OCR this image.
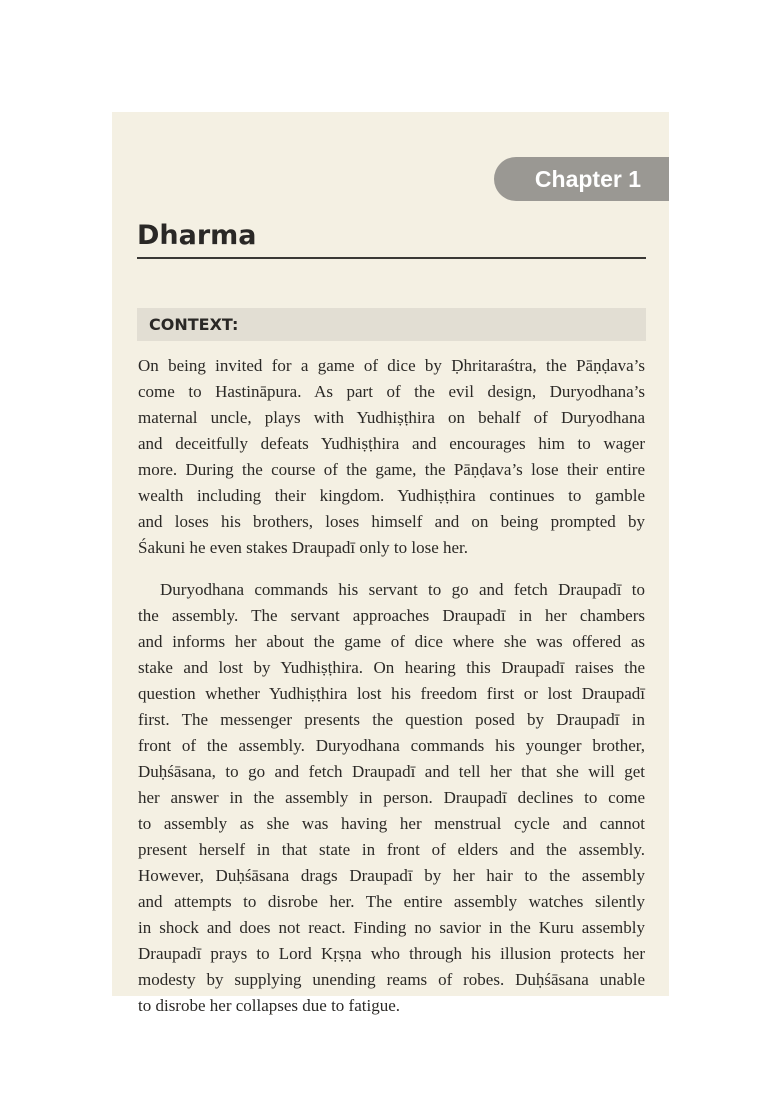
Chapter 1
Dharma
CONTEXT:
On being invited for a game of dice by Ḍhritaraśtra, the Pāṇḍava’s
come to Hastināpura. As part of the evil design, Duryodhana’s
maternal uncle, plays with Yudhiṣṭhira on behalf of Duryodhana
and deceitfully defeats Yudhiṣṭhira and encourages him to wager
more. During the course of the game, the Pāṇḍava’s lose their entire
wealth including their kingdom. Yudhiṣṭhira continues to gamble
and loses his brothers, loses himself and on being prompted by
Śakuni he even stakes Draupadī only to lose her.
Duryodhana commands his servant to go and fetch Draupadī to
the assembly. The servant approaches Draupadī in her chambers
and informs her about the game of dice where she was offered as
stake and lost by Yudhiṣṭhira. On hearing this Draupadī raises the
question whether Yudhiṣṭhira lost his freedom first or lost Draupadī
first. The messenger presents the question posed by Draupadī in
front of the assembly. Duryodhana commands his younger brother,
Duḥśāsana, to go and fetch Draupadī and tell her that she will get
her answer in the assembly in person. Draupadī declines to come
to assembly as she was having her menstrual cycle and cannot
present herself in that state in front of elders and the assembly.
However, Duḥśāsana drags Draupadī by her hair to the assembly
and attempts to disrobe her. The entire assembly watches silently
in shock and does not react. Finding no savior in the Kuru assembly
Draupadī prays to Lord Kṛṣṇa who through his illusion protects her
modesty by supplying unending reams of robes. Duḥśāsana unable
to disrobe her collapses due to fatigue.
